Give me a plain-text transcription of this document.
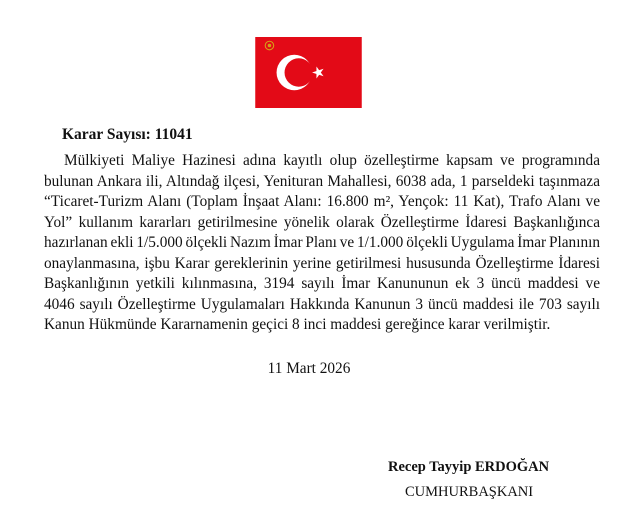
Karar Sayısı: 11041
Mülkiyeti Maliye Hazinesi adına kayıtlı olup özelleştirme kapsam ve programında
bulunan Ankara ili, Altındağ ilçesi, Yenituran Mahallesi, 6038 ada, 1 parseldeki taşınmaza
“Ticaret-Turizm Alanı (Toplam İnşaat Alanı: 16.800 m², Yençok: 11 Kat), Trafo Alanı ve
Yol” kullanım kararları getirilmesine yönelik olarak Özelleştirme İdaresi Başkanlığınca
hazırlanan ekli 1/5.000 ölçekli Nazım İmar Planı ve 1/1.000 ölçekli Uygulama İmar Planının
onaylanmasına, işbu Karar gereklerinin yerine getirilmesi hususunda Özelleştirme İdaresi
Başkanlığının yetkili kılınmasına, 3194 sayılı İmar Kanununun ek 3 üncü maddesi ve
4046 sayılı Özelleştirme Uygulamaları Hakkında Kanunun 3 üncü maddesi ile 703 sayılı
Kanun Hükmünde Kararnamenin geçici 8 inci maddesi gereğince karar verilmiştir.
11 Mart 2026
Recep Tayyip ERDOĞAN
CUMHURBAŞKANI
